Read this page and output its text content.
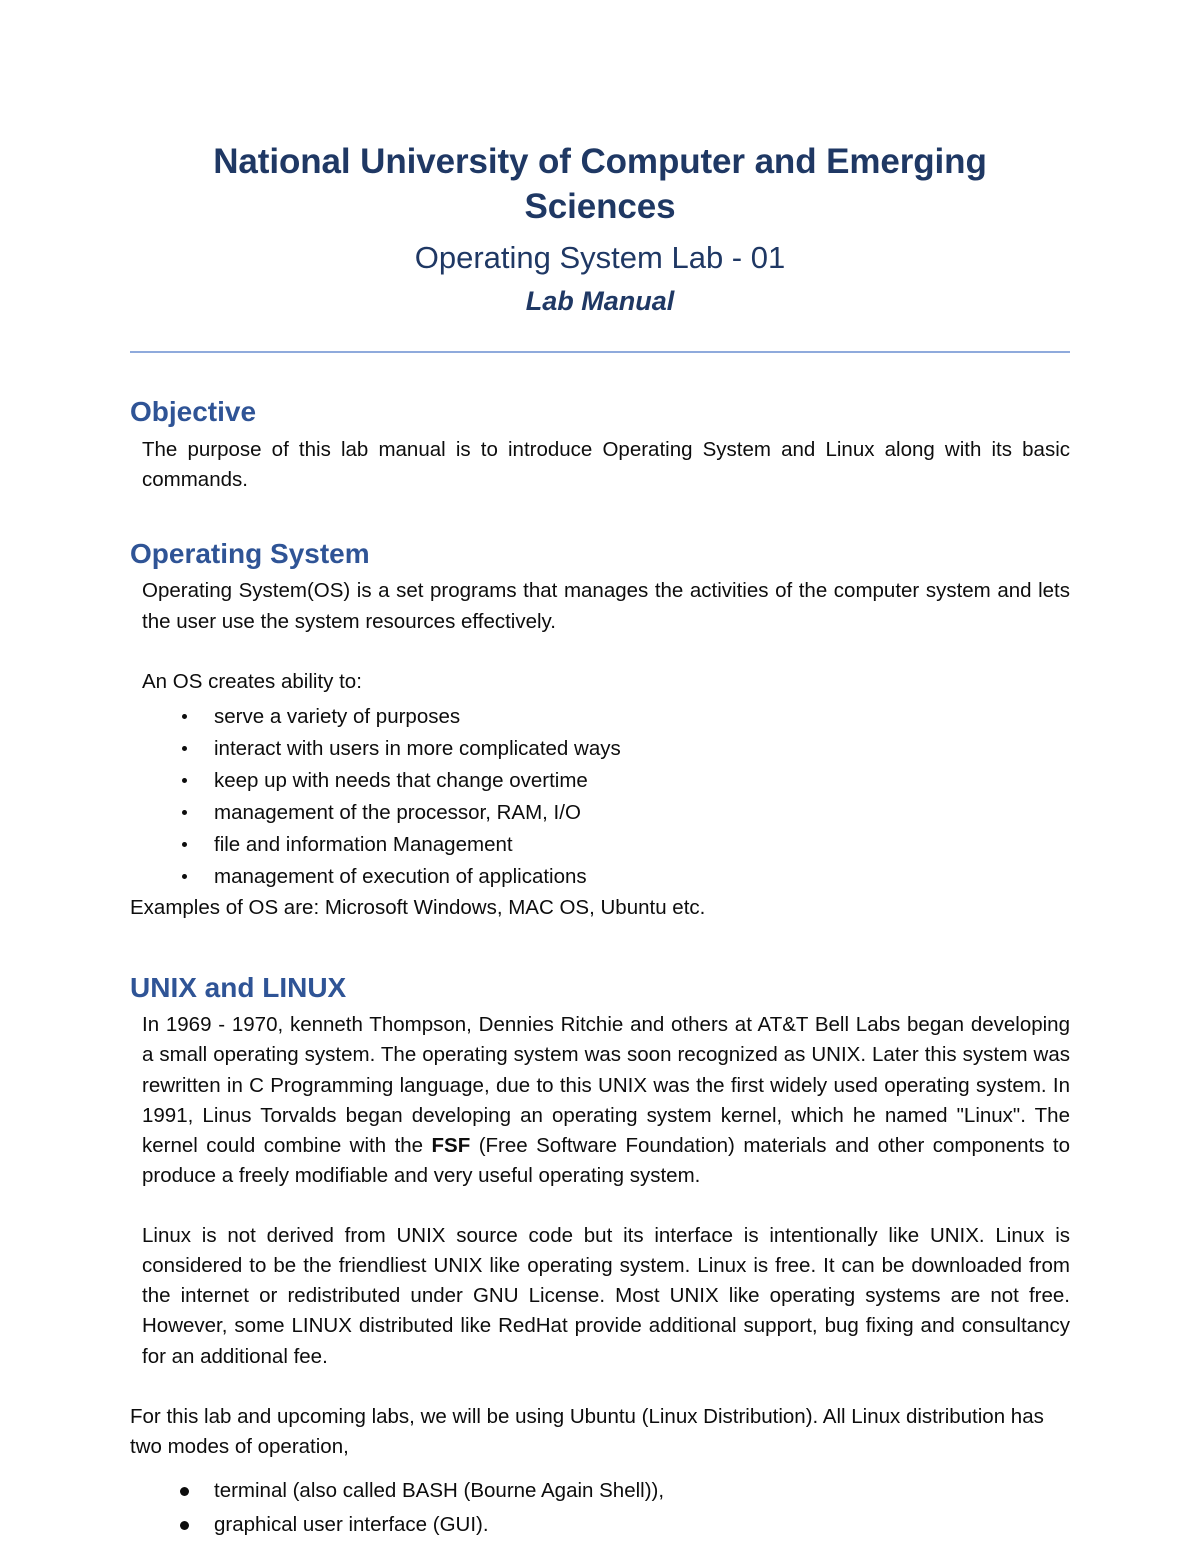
National University of Computer and Emerging Sciences
Operating System Lab - 01
Lab Manual
Objective

The purpose of this lab manual is to introduce Operating System and Linux along with its basic commands.

Operating System

Operating System(OS) is a set programs that manages the activities of the computer system and lets the user use the system resources effectively.

An OS creates ability to:

serve a variety of purposes
interact with users in more complicated ways
keep up with needs that change overtime
management of the processor, RAM, I/O
file and information Management
management of execution of applications

Examples of OS are: Microsoft Windows, MAC OS, Ubuntu etc.

UNIX and LINUX

In 1969 - 1970, kenneth Thompson, Dennies Ritchie and others at AT&T Bell Labs began developing a small operating system. The operating system was soon recognized as UNIX. Later this system was rewritten in C Programming language, due to this UNIX was the first widely used operating system. In 1991, Linus Torvalds began developing an operating system kernel, which he named "Linux". The kernel could combine with the FSF (Free Software Foundation) materials and other components to produce a freely modifiable and very useful operating system.

Linux is not derived from UNIX source code but its interface is intentionally like UNIX. Linux is considered to be the friendliest UNIX like operating system. Linux is free. It can be downloaded from the internet or redistributed under GNU License. Most UNIX like operating systems are not free. However, some LINUX distributed like RedHat provide additional support, bug fixing and consultancy for an additional fee.

For this lab and upcoming labs, we will be using Ubuntu (Linux Distribution). All Linux distribution has two modes of operation,

terminal (also called BASH (Bourne Again Shell)),
graphical user interface (GUI).
